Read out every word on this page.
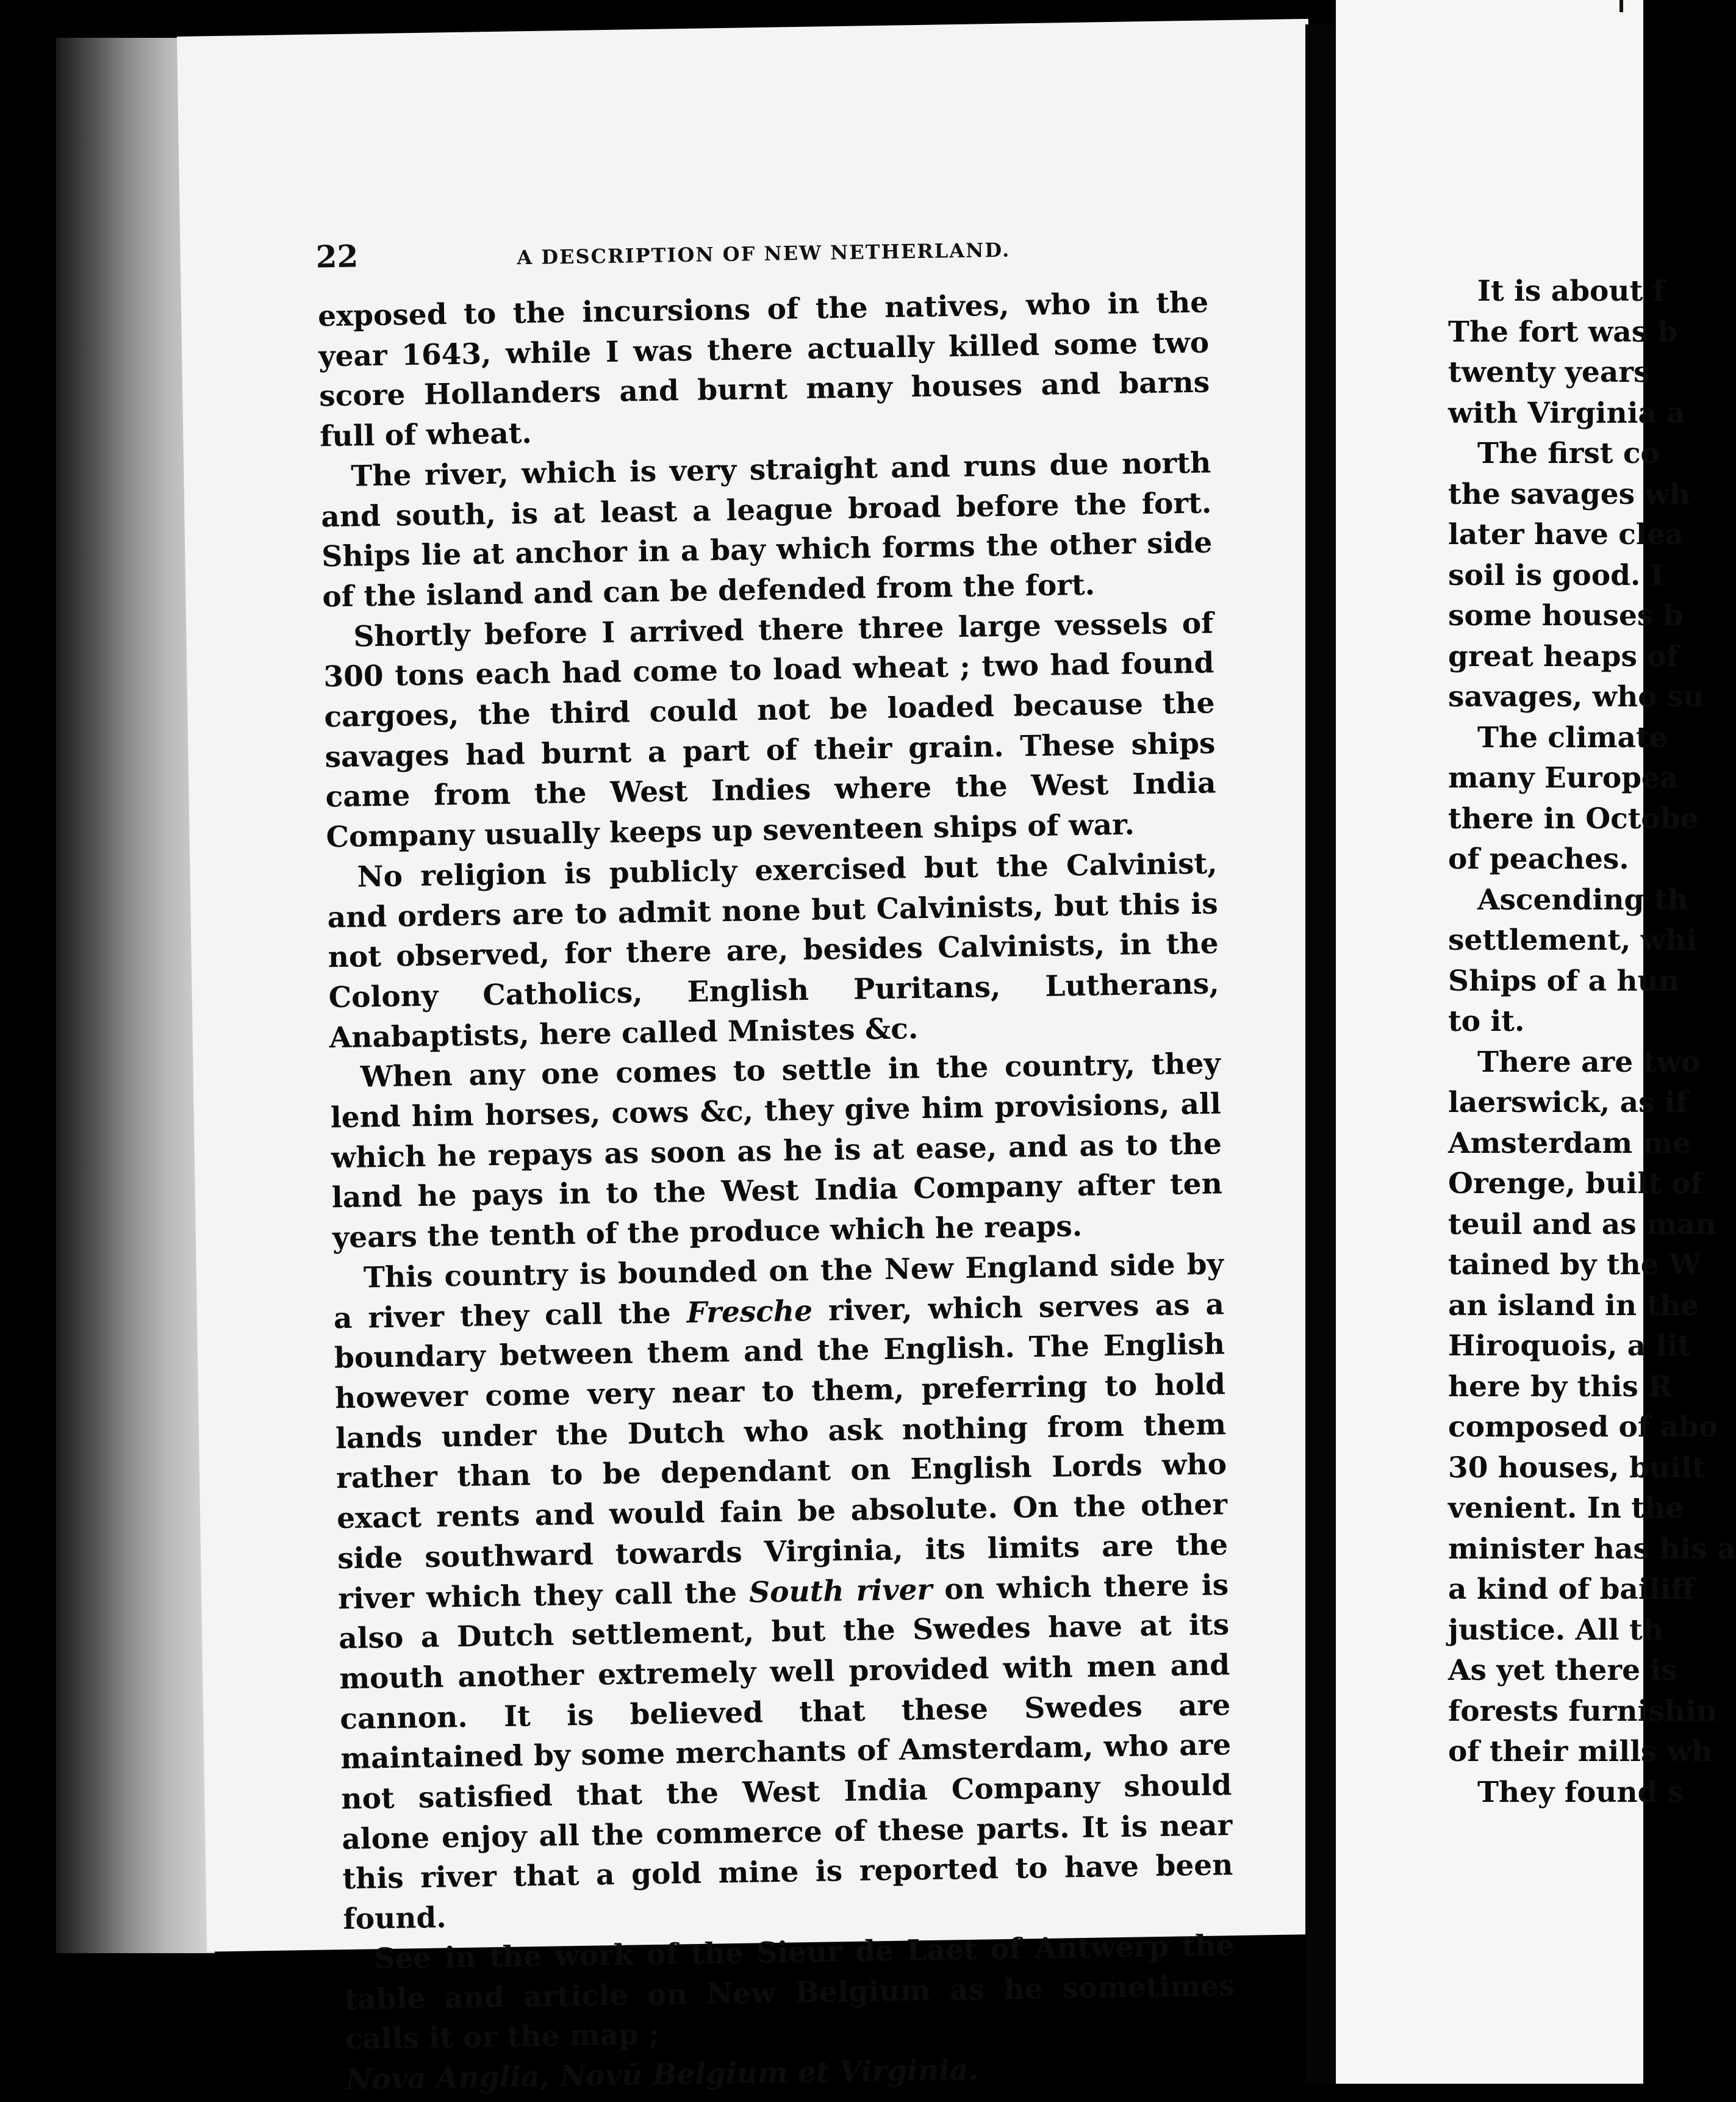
22	A DESCRIPTION OF NEW NETHERLAND.

exposed to the incursions of the natives, who in the year 1643, while I was there actually killed some two score Hollanders and burnt many houses and barns full of wheat.

The river, which is very straight and runs due north and south, is at least a league broad before the fort. Ships lie at anchor in a bay which forms the other side of the island and can be defended from the fort.

Shortly before I arrived there three large vessels of 300 tons each had come to load wheat ; two had found cargoes, the third could not be loaded because the savages had burnt a part of their grain. These ships came from the West Indies where the West India Company usually keeps up seventeen ships of war.

No religion is publicly exercised but the Calvinist, and orders are to admit none but Calvinists, but this is not observed, for there are, besides Calvinists, in the Colony Catholics, English Puritans, Lutherans, Anabaptists, here called Mnistes &c.

When any one comes to settle in the country, they lend him horses, cows &c, they give him provisions, all which he repays as soon as he is at ease, and as to the land he pays in to the West India Company after ten years the tenth of the produce which he reaps.

This country is bounded on the New England side by a river they call the Fresche river, which serves as a boundary between them and the English. The English however come very near to them, preferring to hold lands under the Dutch who ask nothing from them rather than to be dependant on English Lords who exact rents and would fain be absolute. On the other side southward towards Virginia, its limits are the river which they call the South river on which there is also a Dutch settlement, but the Swedes have at its mouth another extremely well provided with men and cannon. It is believed that these Swedes are maintained by some merchants of Amsterdam, who are not satisfied that the West India Company should alone enjoy all the commerce of these parts. It is near this river that a gold mine is reported to have been found.

See in the work of the Sieur de Laet of Antwerp the table and article on New Belgium as he sometimes calls it or the map ;

Nova Anglia, Novū Belgium et Virginia.

It is about f
The fort was b
twenty years
with Virginia a
The first co
the savages wh
later have clea
soil is good. I
some houses b
great heaps of
savages, who su
The climate
many Europea
there in Octobe
of peaches.
Ascending th
settlement, whi
Ships of a hun
to it.
There are two
laerswick, as if
Amsterdam me
Orenge, built of
teuil and as man
tained by the W
an island in the
Hiroquois, a lit
here by this R
composed of abo
30 houses, built
venient. In the
minister has his a
a kind of bailiff
justice. All th
As yet there is
forests furnishin
of their mills wh
They found s
